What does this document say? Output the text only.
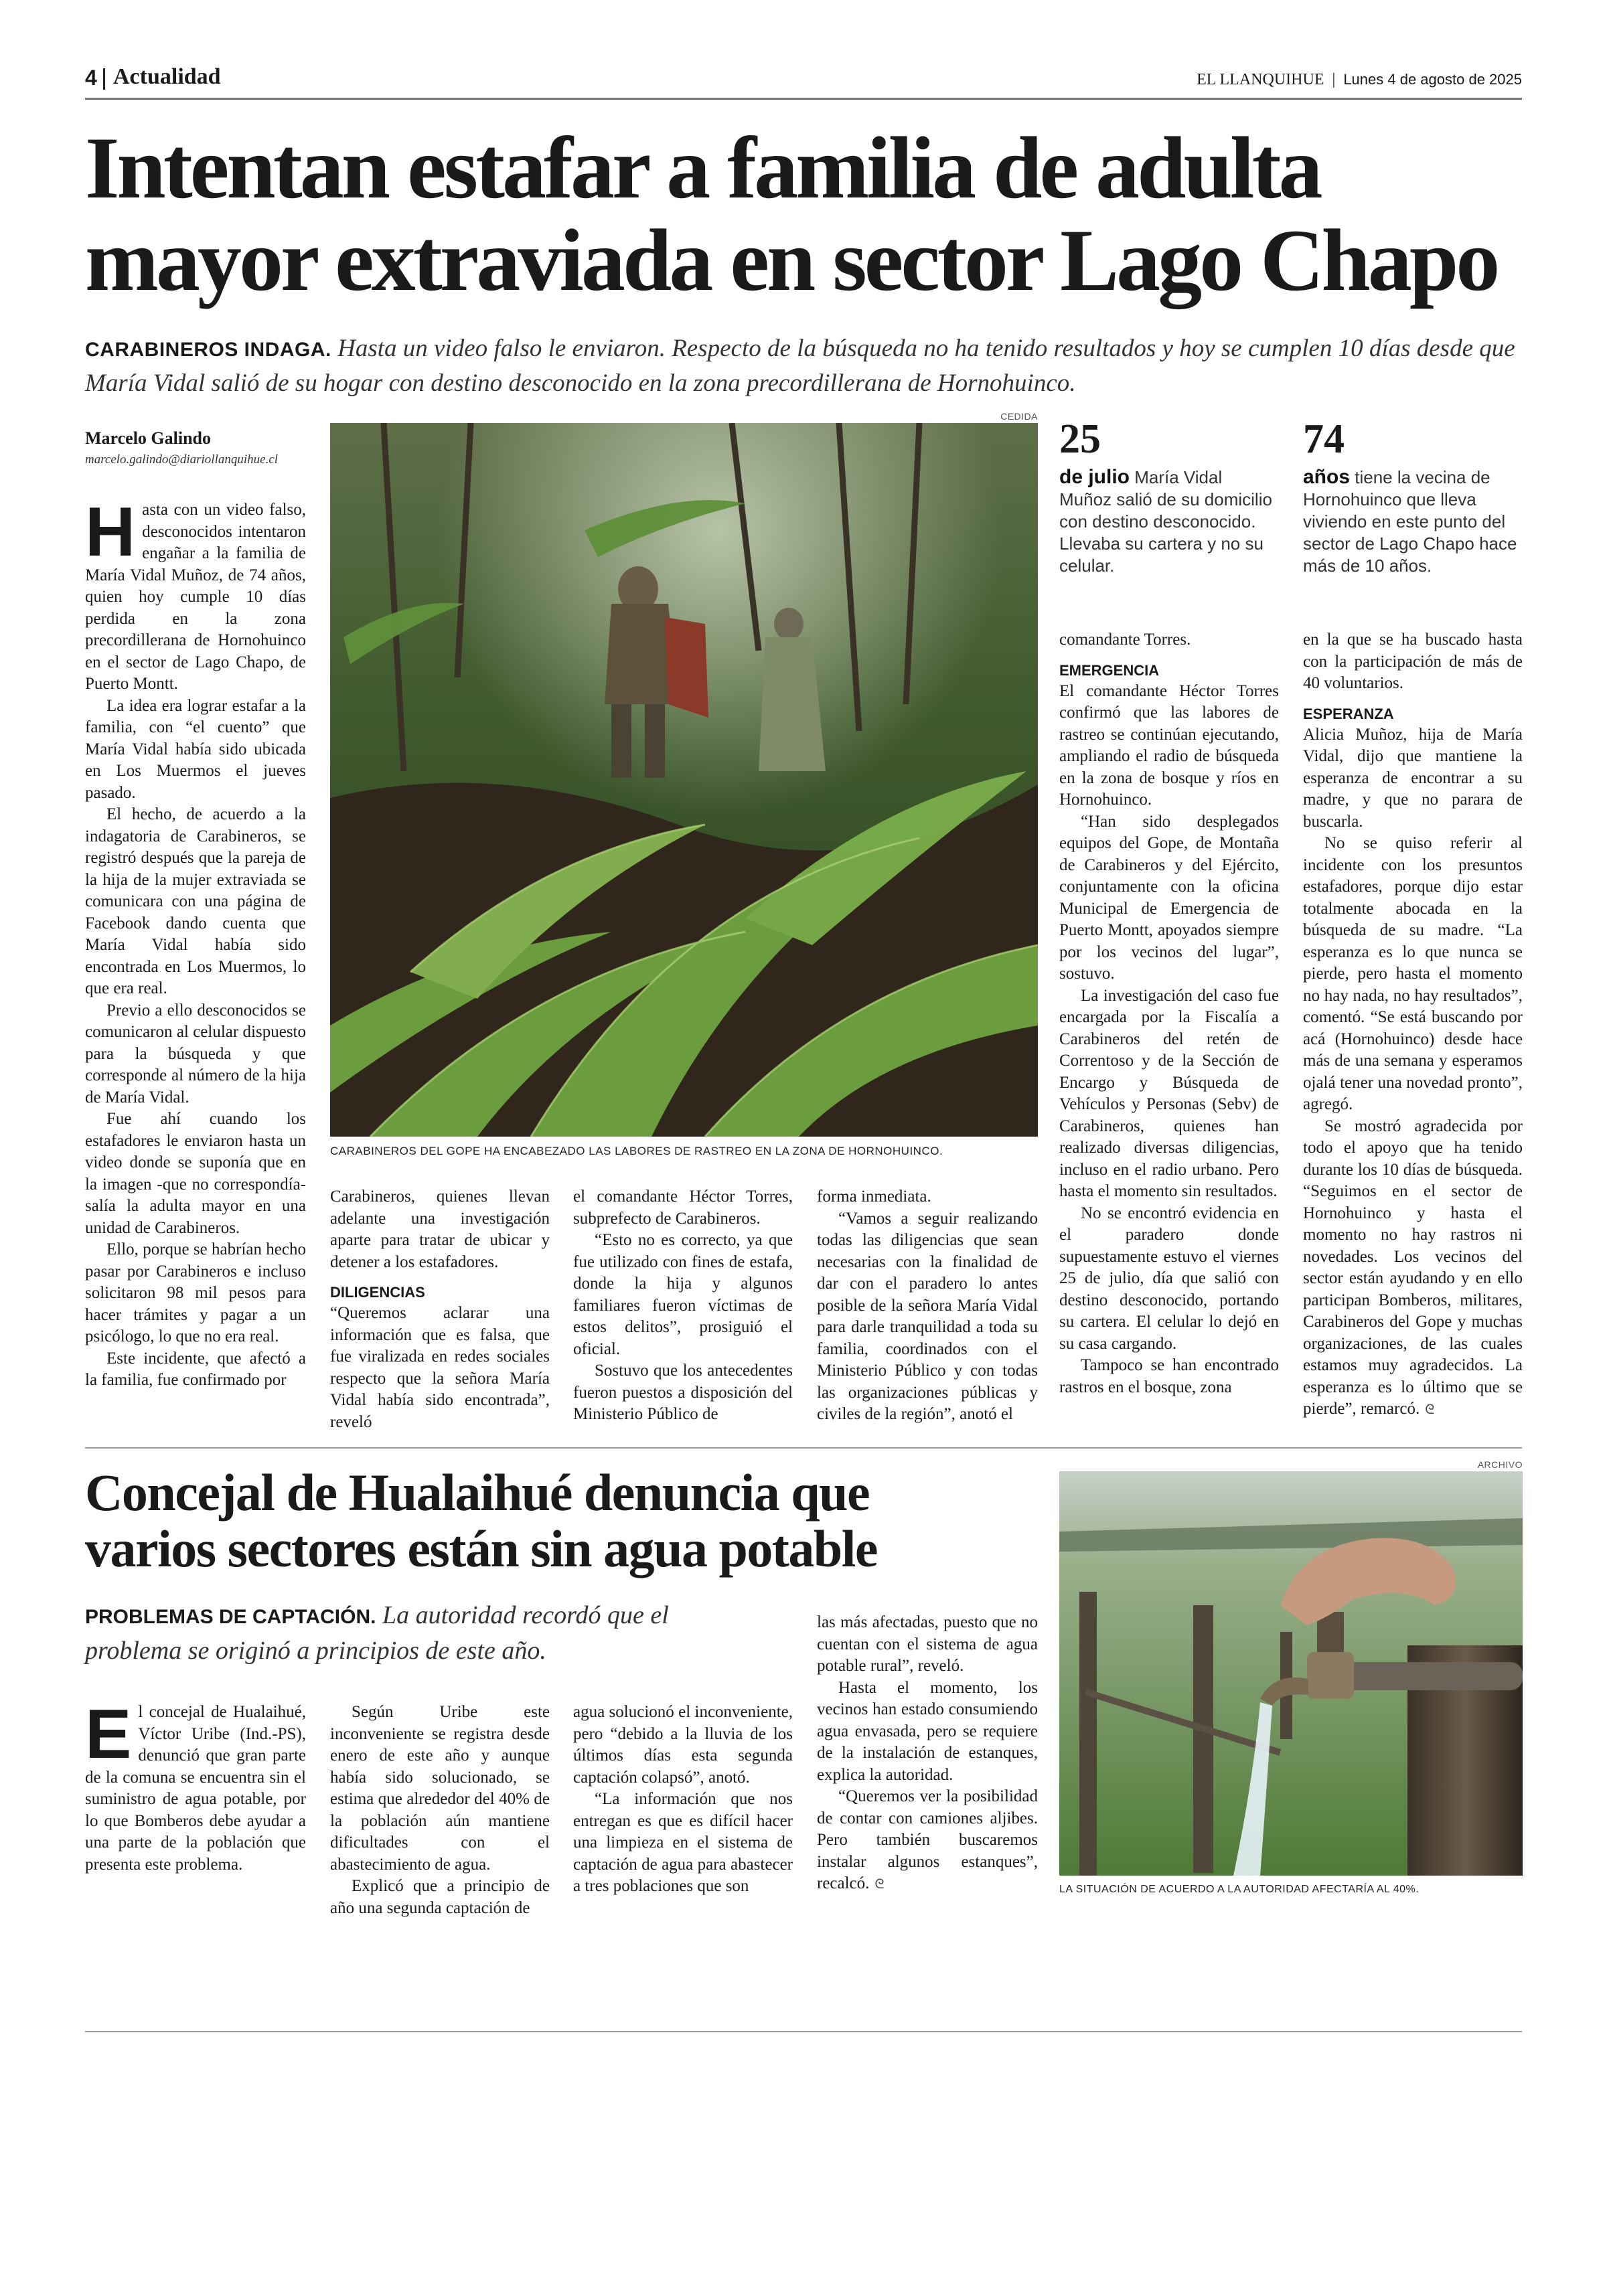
4 Actualidad	EL LLANQUIHUE | Lunes 4 de agosto de 2025
Intentan estafar a familia de adulta
mayor extraviada en sector Lago Chapo
CARABINEROS INDAGA. Hasta un video falso le enviaron. Respecto de la búsqueda no ha tenido resultados y hoy se cumplen 10 días desde que María Vidal salió de su hogar con destino desconocido en la zona precordillerana de Hornohuinco.
Marcelo Galindo
marcelo.galindo@diariollanquihue.cl
CEDIDA
CARABINEROS DEL GOPE HA ENCABEZADO LAS LABORES DE RASTREO EN LA ZONA DE HORNOHUINCO.
25
de julio María Vidal Muñoz salió de su domicilio con destino desconocido. Llevaba su cartera y no su celular.
74
años tiene la vecina de Hornohuinco que lleva viviendo en este punto del sector de Lago Chapo hace más de 10 años.

Hasta con un video falso, desconocidos intentaron engañar a la familia de María Vidal Muñoz, de 74 años, quien hoy cumple 10 días perdida en la zona precordillerana de Hornohuinco en el sector de Lago Chapo, de Puerto Montt.

La idea era lograr estafar a la familia, con “el cuento” que María Vidal había sido ubicada en Los Muermos el jueves pasado.

El hecho, de acuerdo a la indagatoria de Carabineros, se registró después que la pareja de la hija de la mujer extraviada se comunicara con una página de Facebook dando cuenta que María Vidal había sido encontrada en Los Muermos, lo que era real.

Previo a ello desconocidos se comunicaron al celular dispuesto para la búsqueda y que corresponde al número de la hija de María Vidal.

Fue ahí cuando los estafadores le enviaron hasta un video donde se suponía que en la imagen -que no correspondía- salía la adulta mayor en una unidad de Carabineros.

Ello, porque se habrían hecho pasar por Carabineros e incluso solicitaron 98 mil pesos para hacer trámites y pagar a un psicólogo, lo que no era real.

Este incidente, que afectó a la familia, fue confirmado por

Carabineros, quienes llevan adelante una investigación aparte para tratar de ubicar y detener a los estafadores.

DILIGENCIAS

“Queremos aclarar una información que es falsa, que fue viralizada en redes sociales respecto que la señora María Vidal había sido encontrada”, reveló

el comandante Héctor Torres, subprefecto de Carabineros.

“Esto no es correcto, ya que fue utilizado con fines de estafa, donde la hija y algunos familiares fueron víctimas de estos delitos”, prosiguió el oficial.

Sostuvo que los antecedentes fueron puestos a disposición del Ministerio Público de

forma inmediata.

“Vamos a seguir realizando todas las diligencias que sean necesarias con la finalidad de dar con el paradero lo antes posible de la señora María Vidal para darle tranquilidad a toda su familia, coordinados con el Ministerio Público y con todas las organizaciones públicas y civiles de la región”, anotó el

comandante Torres.

EMERGENCIA

El comandante Héctor Torres confirmó que las labores de rastreo se continúan ejecutando, ampliando el radio de búsqueda en la zona de bosque y ríos en Hornohuinco.

“Han sido desplegados equipos del Gope, de Montaña de Carabineros y del Ejército, conjuntamente con la oficina Municipal de Emergencia de Puerto Montt, apoyados siempre por los vecinos del lugar”, sostuvo.

La investigación del caso fue encargada por la Fiscalía a Carabineros del retén de Correntoso y de la Sección de Encargo y Búsqueda de Vehículos y Personas (Sebv) de Carabineros, quienes han realizado diversas diligencias, incluso en el radio urbano. Pero hasta el momento sin resultados.

No se encontró evidencia en el paradero donde supuestamente estuvo el viernes 25 de julio, día que salió con destino desconocido, portando su cartera. El celular lo dejó en su casa cargando.

Tampoco se han encontrado rastros en el bosque, zona

en la que se ha buscado hasta con la participación de más de 40 voluntarios.

ESPERANZA

Alicia Muñoz, hija de María Vidal, dijo que mantiene la esperanza de encontrar a su madre, y que no parara de buscarla.

No se quiso referir al incidente con los presuntos estafadores, porque dijo estar totalmente abocada en la búsqueda de su madre. “La esperanza es lo que nunca se pierde, pero hasta el momento no hay nada, no hay resultados”, comentó. “Se está buscando por acá (Hornohuinco) desde hace más de una semana y esperamos ojalá tener una novedad pronto”, agregó.

Se mostró agradecida por todo el apoyo que ha tenido durante los 10 días de búsqueda. “Seguimos en el sector de Hornohuinco y hasta el momento no hay rastros ni novedades. Los vecinos del sector están ayudando y en ello participan Bomberos, militares, Carabineros del Gope y muchas organizaciones, de las cuales estamos muy agradecidos. La esperanza es lo último que se pierde”, remarcó. ᘓ

Concejal de Hualaihué denuncia que
varios sectores están sin agua potable
PROBLEMAS DE CAPTACIÓN. La autoridad recordó que el problema se originó a principios de este año.

El concejal de Hualaihué, Víctor Uribe (Ind.-PS), denunció que gran parte de la comuna se encuentra sin el suministro de agua potable, por lo que Bomberos debe ayudar a una parte de la población que presenta este problema.

Según Uribe este inconveniente se registra desde enero de este año y aunque había sido solucionado, se estima que alrededor del 40% de la población aún mantiene dificultades con el abastecimiento de agua.

Explicó que a principio de año una segunda captación de

agua solucionó el inconveniente, pero “debido a la lluvia de los últimos días esta segunda captación colapsó”, anotó.

“La información que nos entregan es que es difícil hacer una limpieza en el sistema de captación de agua para abastecer a tres poblaciones que son

las más afectadas, puesto que no cuentan con el sistema de agua potable rural”, reveló.

Hasta el momento, los vecinos han estado consumiendo agua envasada, pero se requiere de la instalación de estanques, explica la autoridad.

“Queremos ver la posibilidad de contar con camiones aljibes. Pero también buscaremos instalar algunos estanques”, recalcó. ᘓ

ARCHIVO
LA SITUACIÓN DE ACUERDO A LA AUTORIDAD AFECTARÍA AL 40%.
